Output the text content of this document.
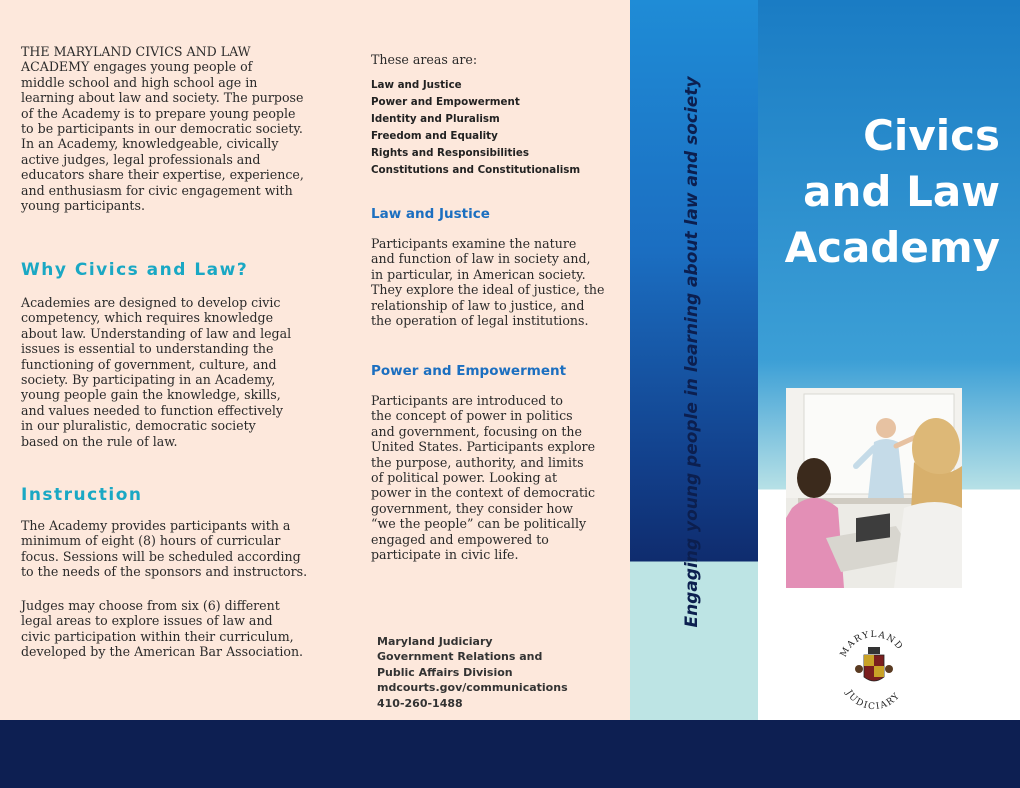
THE MARYLAND CIVICS AND LAW
ACADEMY engages young people of
middle school and high school age in
learning about law and society. The purpose
of the Academy is to prepare young people
to be participants in our democratic society.
In an Academy, knowledgeable, civically
active judges, legal professionals and
educators share their expertise, experience,
and enthusiasm for civic engagement with
young participants.
Why Civics and Law?
Academies are designed to develop civic
competency, which requires knowledge
about law. Understanding of law and legal
issues is essential to understanding the
functioning of government, culture, and
society. By participating in an Academy,
young people gain the knowledge, skills,
and values needed to function effectively
in our pluralistic, democratic society
based on the rule of law.
Instruction
The Academy provides participants with a
minimum of eight (8) hours of curricular
focus. Sessions will be scheduled according
to the needs of the sponsors and instructors.
Judges may choose from six (6) different
legal areas to explore issues of law and
civic participation within their curriculum,
developed by the American Bar Association.
These areas are:
Law and Justice
Power and Empowerment
Identity and Pluralism
Freedom and Equality
Rights and Responsibilities
Constitutions and Constitutionalism
Law and Justice
Participants examine the nature
and function of law in society and,
in particular, in American society.
They explore the ideal of justice, the
relationship of law to justice, and
the operation of legal institutions.
Power and Empowerment
Participants are introduced to
the concept of power in politics
and government, focusing on the
United States. Participants explore
the purpose, authority, and limits
of political power. Looking at
power in the context of democratic
government, they consider how
“we the people” can be politically
engaged and empowered to
participate in civic life.
Maryland Judiciary
Government Relations and
Public Affairs Division
mdcourts.gov/communications
410-260-1488
Engaging young people in learning about law and society	Civics
and Law
Academy
MARYLAND
JUDICIARY
